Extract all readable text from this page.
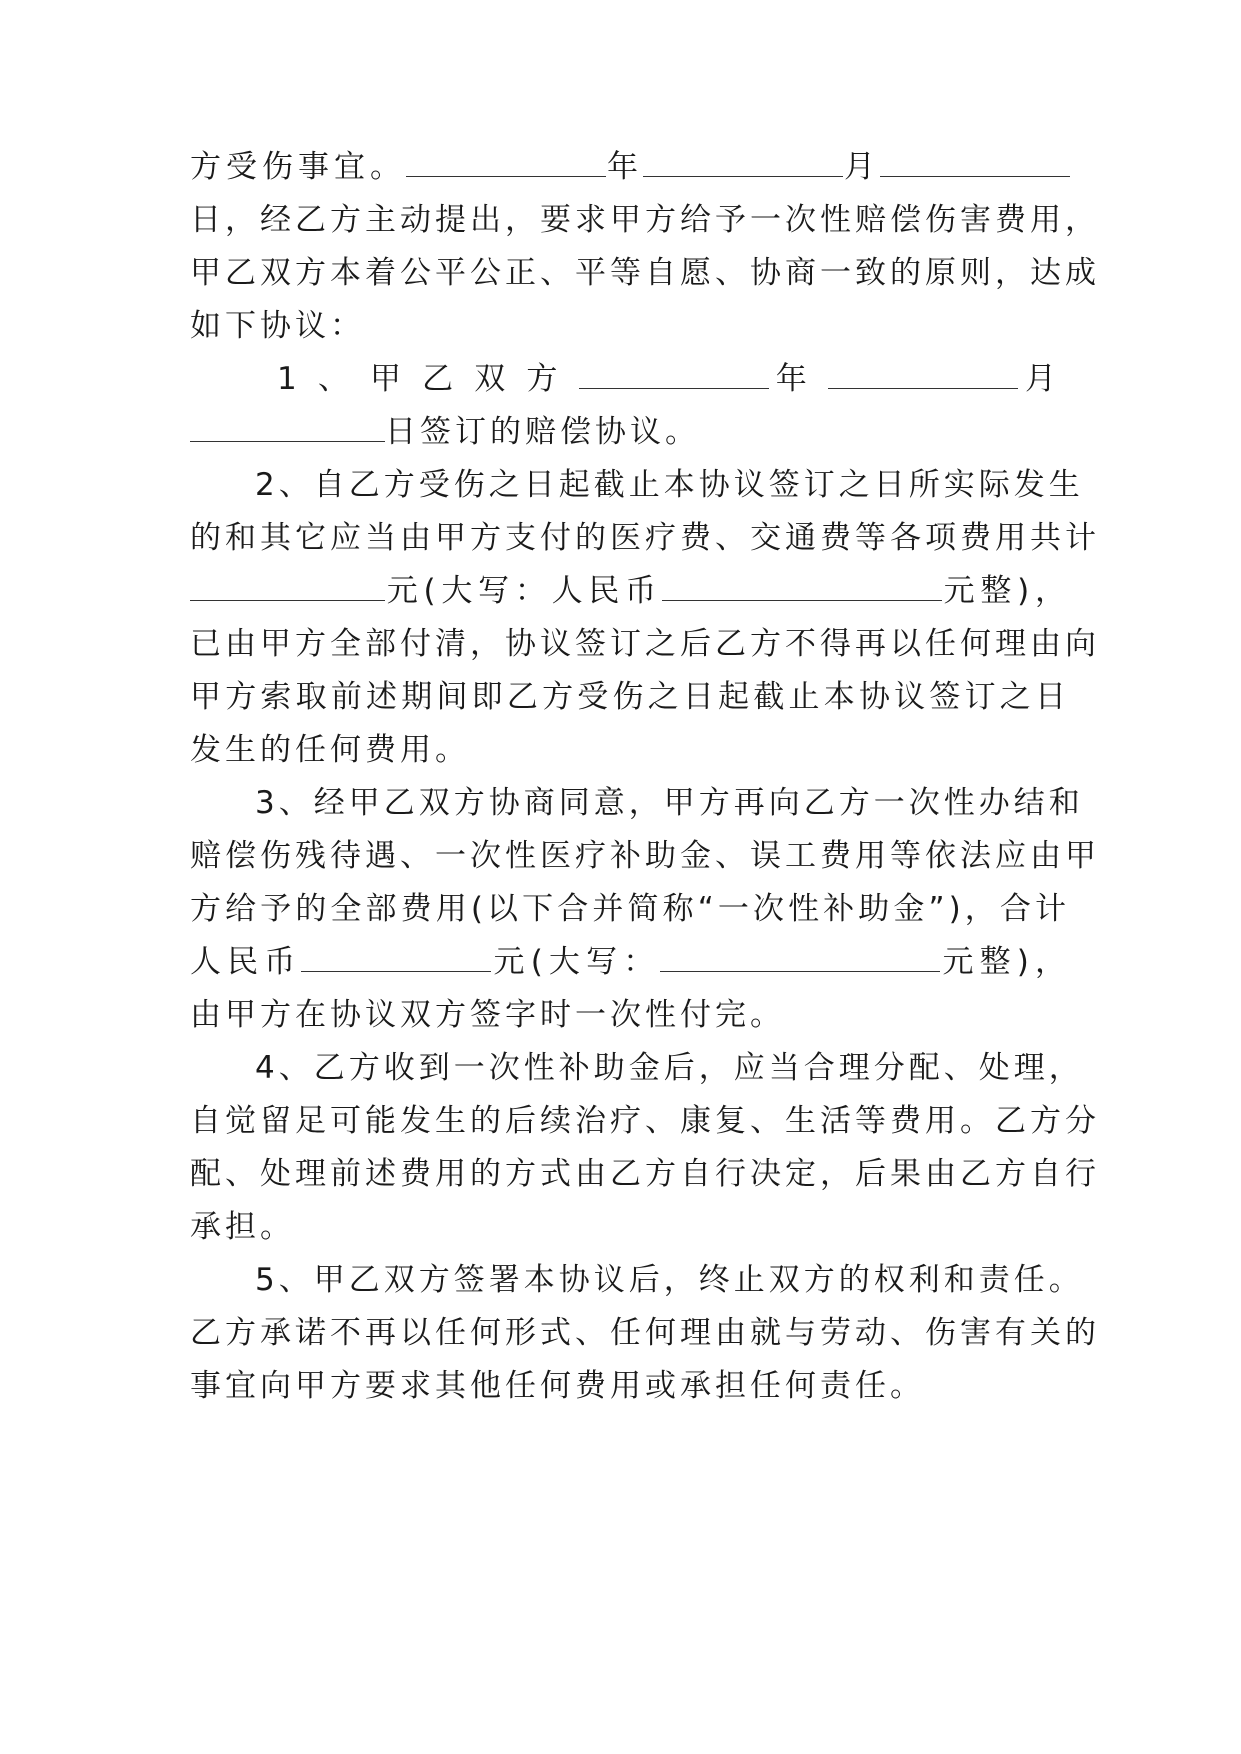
方受伤事宜。	年	月
日，经乙方主动提出，要求甲方给予一次性赔偿伤害费用，
甲乙双方本着公平公正、平等自愿、协商一致的原则，达成
如下协议：
1、甲乙双方	年	月
日签订的赔偿协议。
2、自乙方受伤之日起截止本协议签订之日所实际发生
的和其它应当由甲方支付的医疗费、交通费等各项费用共计
元(大写：人民币	元整)，
已由甲方全部付清，协议签订之后乙方不得再以任何理由向
甲方索取前述期间即乙方受伤之日起截止本协议签订之日
发生的任何费用。
3、经甲乙双方协商同意，甲方再向乙方一次性办结和
赔偿伤残待遇、一次性医疗补助金、误工费用等依法应由甲
方给予的全部费用(以下合并简称“一次性补助金”)，合计
人民币	元(大写：	元整)，
由甲方在协议双方签字时一次性付完。
4、乙方收到一次性补助金后，应当合理分配、处理，
自觉留足可能发生的后续治疗、康复、生活等费用。乙方分
配、处理前述费用的方式由乙方自行决定，后果由乙方自行
承担。
5、甲乙双方签署本协议后，终止双方的权利和责任。
乙方承诺不再以任何形式、任何理由就与劳动、伤害有关的
事宜向甲方要求其他任何费用或承担任何责任。
